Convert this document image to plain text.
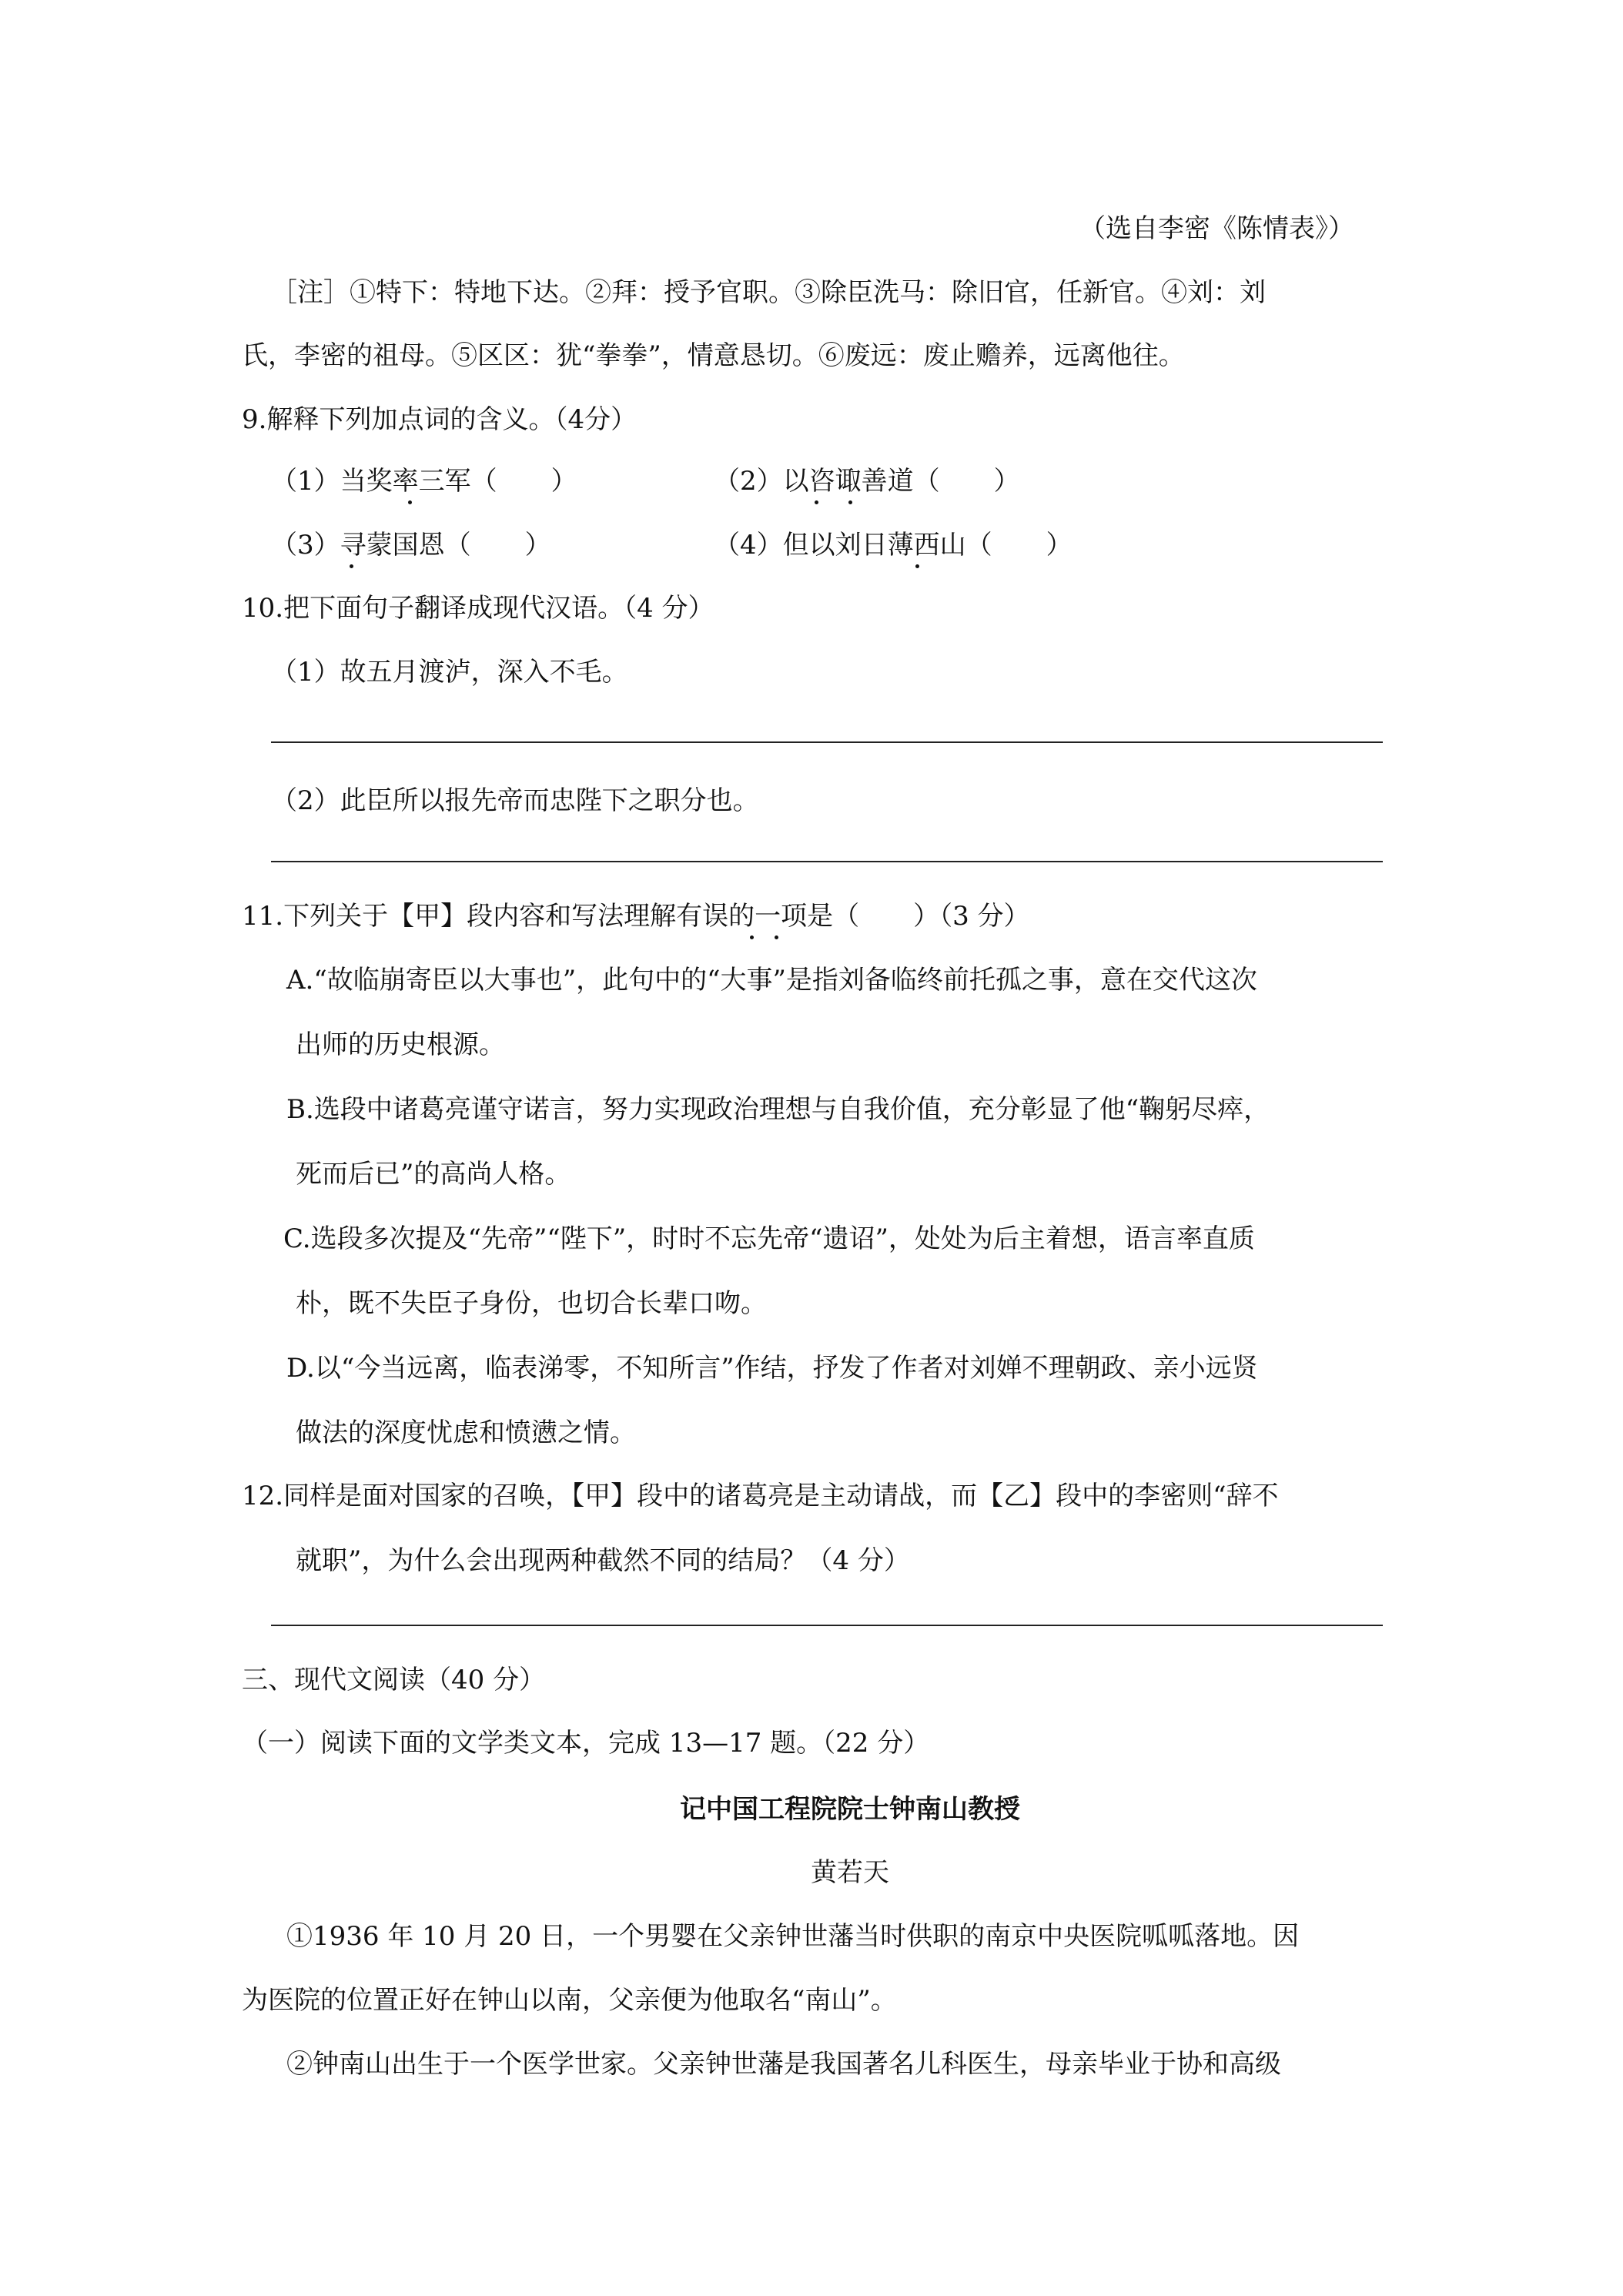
（选自李密《陈情表》）
［注］①特下：特地下达。②拜：授予官职。③除臣洗马：除旧官，任新官。④刘：刘
氏，李密的祖母。⑤区区：犹“拳拳”，情意恳切。⑥废远：废止赡养，远离他往。
9.解释下列加点词的含义。（4分）
（1）当奖率三军（ ）	（2）以咨诹善道（ ）
（3）寻蒙国恩（ ）	（4）但以刘日薄西山（ ）
10.把下面句子翻译成现代汉语。（4 分）
（1）故五月渡泸，深入不毛。
（2）此臣所以报先帝而忠陛下之职分也。
11.下列关于【甲】段内容和写法理解有误的一项是（ ）（3 分）
A.“故临崩寄臣以大事也”，此句中的“大事”是指刘备临终前托孤之事，意在交代这次
出师的历史根源。
B.选段中诸葛亮谨守诺言，努力实现政治理想与自我价值，充分彰显了他“鞠躬尽瘁，
死而后已”的高尚人格。
C.选段多次提及“先帝”“陛下”，时时不忘先帝“遗诏”，处处为后主着想，语言率直质
朴，既不失臣子身份，也切合长辈口吻。
D.以“今当远离，临表涕零，不知所言”作结，抒发了作者对刘婵不理朝政、亲小远贤
做法的深度忧虑和愤懑之情。
12.同样是面对国家的召唤，【甲】段中的诸葛亮是主动请战，而【乙】段中的李密则“辞不
就职”，为什么会出现两种截然不同的结局？（4 分）
三、现代文阅读（40 分）
（一）阅读下面的文学类文本，完成 13—17 题。（22 分）
记中国工程院院士钟南山教授
黄若天
①1936 年 10 月 20 日，一个男婴在父亲钟世藩当时供职的南京中央医院呱呱落地。因
为医院的位置正好在钟山以南，父亲便为他取名“南山”。
②钟南山出生于一个医学世家。父亲钟世藩是我国著名儿科医生，母亲毕业于协和高级
